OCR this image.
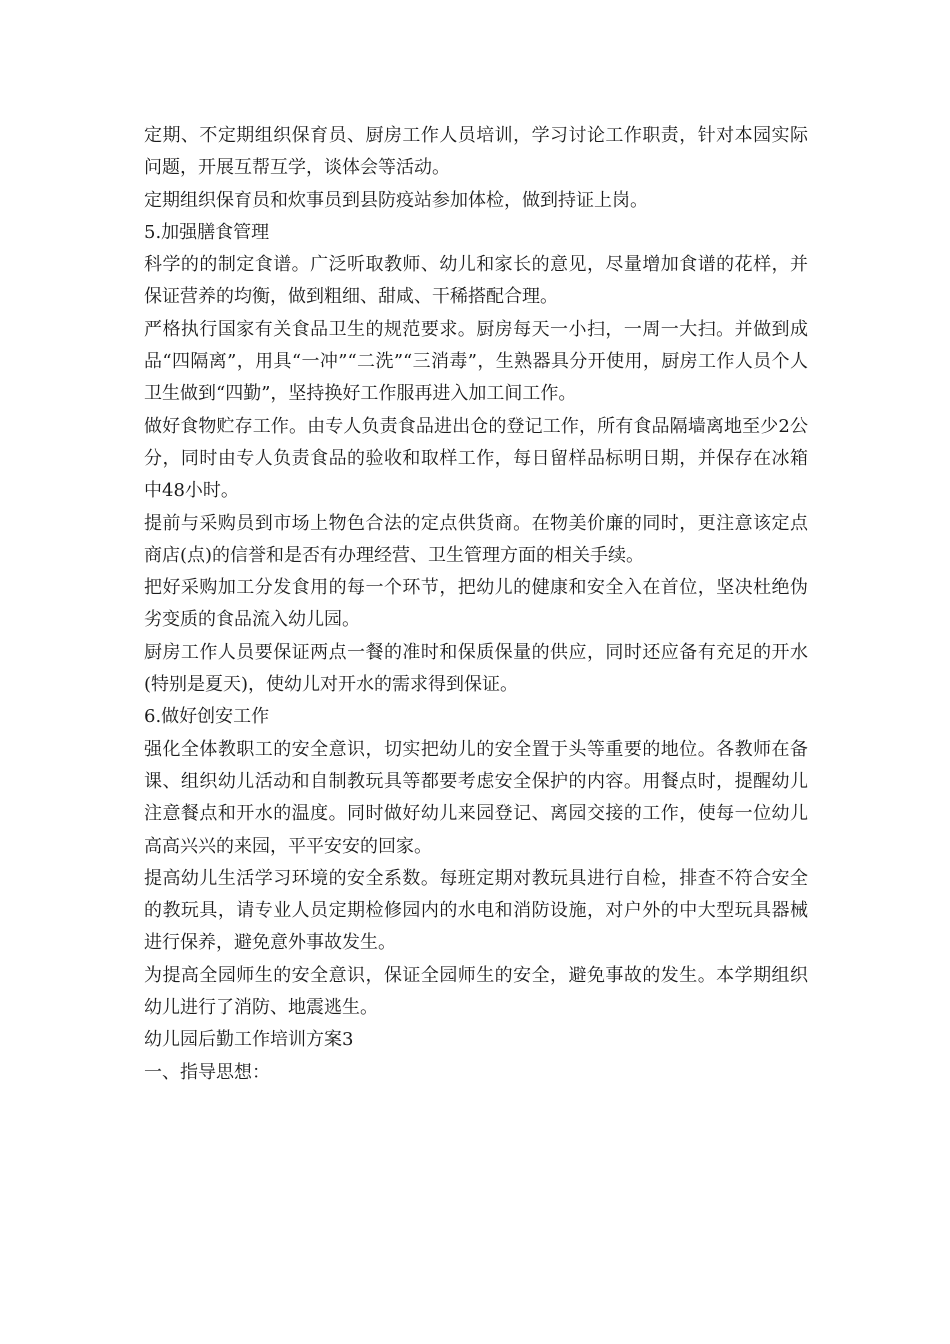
定期、不定期组织保育员、厨房工作人员培训，学习讨论工作职责，针对本园实际问题，开展互帮互学，谈体会等活动。

定期组织保育员和炊事员到县防疫站参加体检，做到持证上岗。

5.加强膳食管理

科学的的制定食谱。广泛听取教师、幼儿和家长的意见，尽量增加食谱的花样，并保证营养的均衡，做到粗细、甜咸、干稀搭配合理。

严格执行国家有关食品卫生的规范要求。厨房每天一小扫，一周一大扫。并做到成品“四隔离”，用具“一冲”“二洗”“三消毒”，生熟器具分开使用，厨房工作人员个人卫生做到“四勤”，坚持换好工作服再进入加工间工作。

做好食物贮存工作。由专人负责食品进出仓的登记工作，所有食品隔墙离地至少2公分，同时由专人负责食品的验收和取样工作，每日留样品标明日期，并保存在冰箱中48小时。

提前与采购员到市场上物色合法的定点供货商。在物美价廉的同时，更注意该定点商店(点)的信誉和是否有办理经营、卫生管理方面的相关手续。

把好采购加工分发食用的每一个环节，把幼儿的健康和安全入在首位，坚决杜绝伪劣变质的食品流入幼儿园。

厨房工作人员要保证两点一餐的准时和保质保量的供应，同时还应备有充足的开水(特别是夏天)，使幼儿对开水的需求得到保证。

6.做好创安工作

强化全体教职工的安全意识，切实把幼儿的安全置于头等重要的地位。各教师在备课、组织幼儿活动和自制教玩具等都要考虑安全保护的内容。用餐点时，提醒幼儿注意餐点和开水的温度。同时做好幼儿来园登记、离园交接的工作，使每一位幼儿高高兴兴的来园，平平安安的回家。

提高幼儿生活学习环境的安全系数。每班定期对教玩具进行自检，排查不符合安全的教玩具，请专业人员定期检修园内的水电和消防设施，对户外的中大型玩具器械进行保养，避免意外事故发生。

为提高全园师生的安全意识，保证全园师生的安全，避免事故的发生。本学期组织幼儿进行了消防、地震逃生。

幼儿园后勤工作培训方案3

一、指导思想：
